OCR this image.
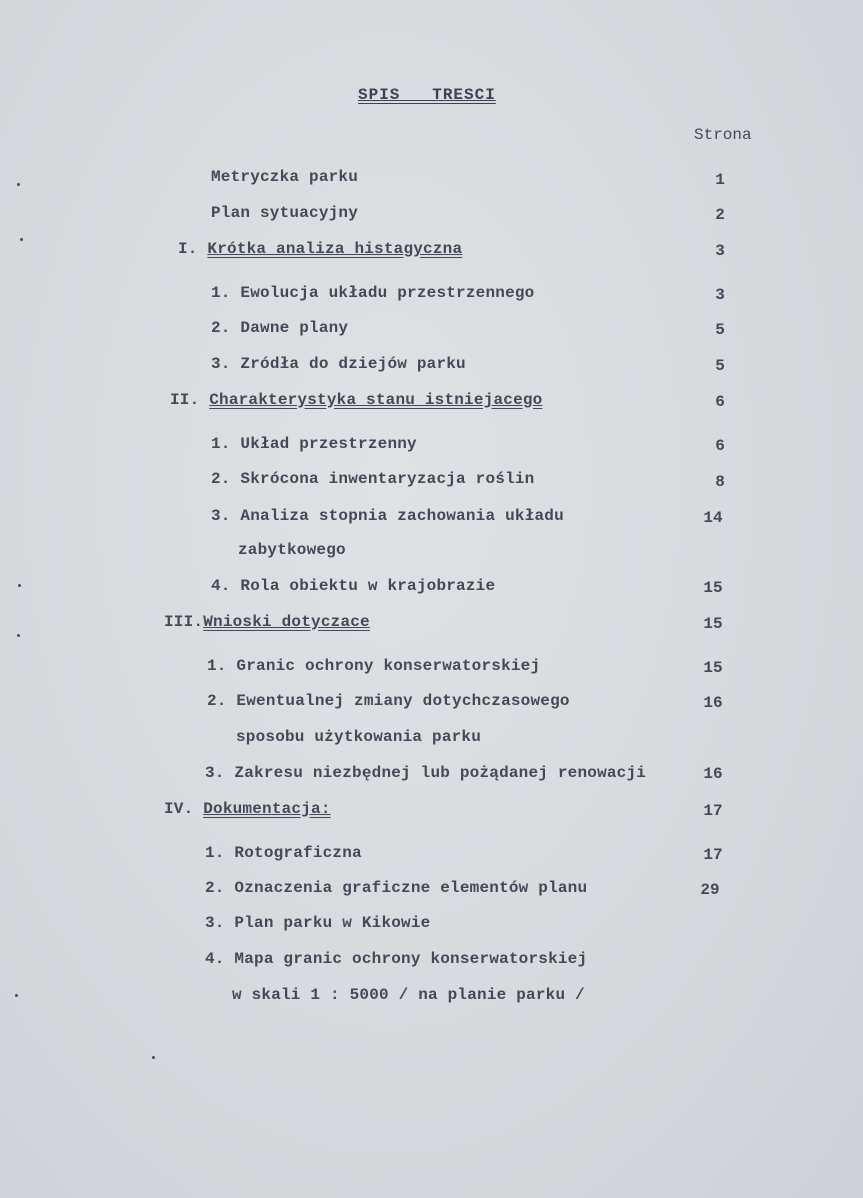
SPIS   TRESCI
Strona
Metryczka parku	1
Plan sytuacyjny	2
I. Krótka analiza histagyczna	3
1. Ewolucja układu przestrzennego	3
2. Dawne plany	5
3. Zródła do dziejów parku	5
II. Charakterystyka stanu istniejacego	6
1. Układ przestrzenny	6
2. Skrócona inwentaryzacja roślin	8
3. Analiza stopnia zachowania układu	14
zabytkowego
4. Rola obiektu w krajobrazie	15
III.Wnioski dotyczace	15
1. Granic ochrony konserwatorskiej	15
2. Ewentualnej zmiany dotychczasowego	16
sposobu użytkowania parku
3. Zakresu niezbędnej lub pożądanej renowacji	16
IV. Dokumentacja:	17
1. Rotograficzna	17
2. Oznaczenia graficzne elementów planu	29
3. Plan parku w Kikowie
4. Mapa granic ochrony konserwatorskiej
w skali 1 : 5000 / na planie parku /
